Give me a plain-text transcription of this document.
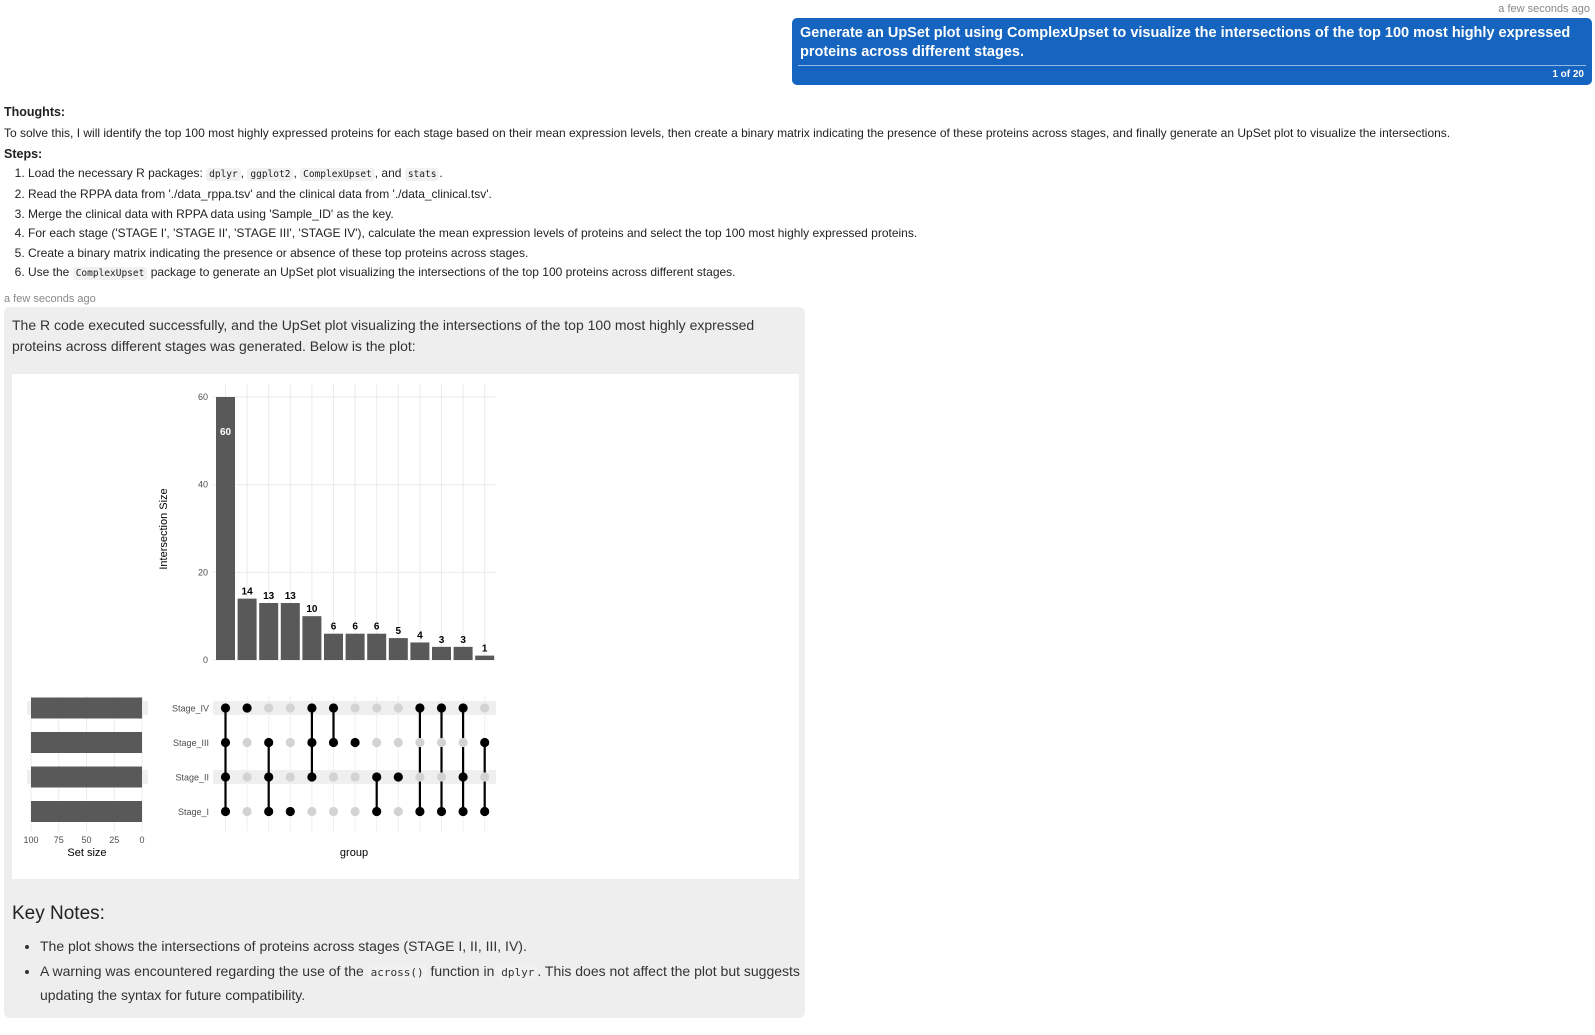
a few seconds ago
Generate an UpSet plot using ComplexUpset to visualize the intersections of the top 100 most highly expressed proteins across different stages.
1 of 20
Thoughts:

To solve this, I will identify the top 100 most highly expressed proteins for each stage based on their mean expression levels, then create a binary matrix indicating the presence of these proteins across stages, and finally generate an UpSet plot to visualize the intersections.

Steps:
1. Load the necessary R packages: dplyr , ggplot2 , ComplexUpset , and stats .
2. Read the RPPA data from './data_rppa.tsv' and the clinical data from './data_clinical.tsv'.
3. Merge the clinical data with RPPA data using 'Sample_ID' as the key.
4. For each stage ('STAGE I', 'STAGE II', 'STAGE III', 'STAGE IV'), calculate the mean expression levels of proteins and select the top 100 most highly expressed proteins.
5. Create a binary matrix indicating the presence or absence of these top proteins across stages.
6. Use the ComplexUpset package to generate an UpSet plot visualizing the intersections of the top 100 proteins across different stages.
a few seconds ago
The R code executed successfully, and the UpSet plot visualizing the intersections of the top 100 most highly expressed proteins across different stages was generated. Below is the plot:
60
14 13 13
10
6 6 6 5 4 3 3
1
0
20
40
60
Intersection Size
Stage_IV
Stage_III
Stage_II
Stage_I
group
100 75 50 25 0
Set size
Key Notes:
• The plot shows the intersections of proteins across stages (STAGE I, II, III, IV).
• A warning was encountered regarding the use of the across() function in dplyr . This does not affect the plot but suggests updating the syntax for future compatibility.
